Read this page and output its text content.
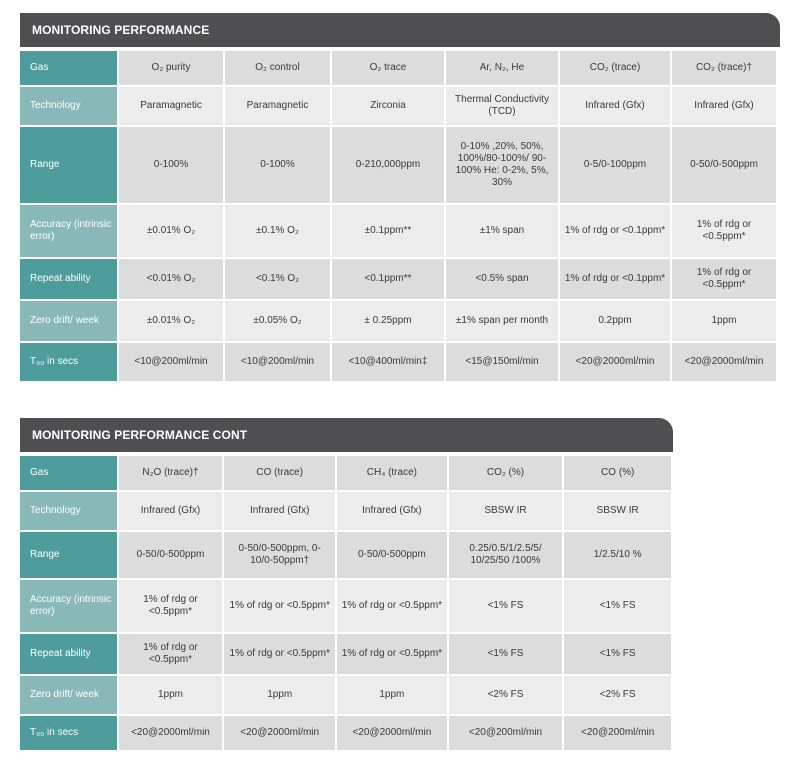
MONITORING PERFORMANCE
Gas	O₂ purity	O₂ control	O₂ trace	Ar, N₂, He	CO₂ (trace)	CO₂ (trace)†
Technology	Paramagnetic	Paramagnetic	Zirconia	Thermal Conductivity (TCD)	Infrared (Gfx)	Infrared (Gfx)
Range	0-100%	0-100%	0-210,000ppm	0-10% ,20%, 50%, 100%/80-100%/ 90-100% He: 0-2%, 5%, 30%	0-5/0-100ppm	0-50/0-500ppm
Accuracy (intrinsic error)	±0.01% O₂	±0.1% O₂	±0.1ppm**	±1% span	1% of rdg or <0.1ppm*	1% of rdg or <0.5ppm*
Repeat ability	<0.01% O₂	<0.1% O₂	<0.1ppm**	<0.5% span	1% of rdg or <0.1ppm*	1% of rdg or <0.5ppm*
Zero drift/ week	±0.01% O₂	±0.05% O₂	± 0.25ppm	±1% span per month	0.2ppm	1ppm
T₉₀ in secs	<10@200ml/min	<10@200ml/min	<10@400ml/min‡	<15@150ml/min	<20@2000ml/min	<20@2000ml/min
MONITORING PERFORMANCE CONT
Gas	N₂O (trace)†	CO (trace)	CH₄ (trace)	CO₂ (%)	CO (%)
Technology	Infrared (Gfx)	Infrared (Gfx)	Infrared (Gfx)	SBSW IR	SBSW IR
Range	0-50/0-500ppm	0-50/0-500ppm, 0-10/0-50ppm†	0-50/0-500ppm	0.25/0.5/1/2.5/5/ 10/25/50 /100%	1/2.5/10 %
Accuracy (intrinsic error)	1% of rdg or <0.5ppm*	1% of rdg or <0.5ppm*	1% of rdg or <0.5ppm*	<1% FS	<1% FS
Repeat ability	1% of rdg or <0.5ppm*	1% of rdg or <0.5ppm*	1% of rdg or <0.5ppm*	<1% FS	<1% FS
Zero drift/ week	1ppm	1ppm	1ppm	<2% FS	<2% FS
T₉₀ in secs	<20@2000ml/min	<20@2000ml/min	<20@2000ml/min	<20@200ml/min	<20@200ml/min
